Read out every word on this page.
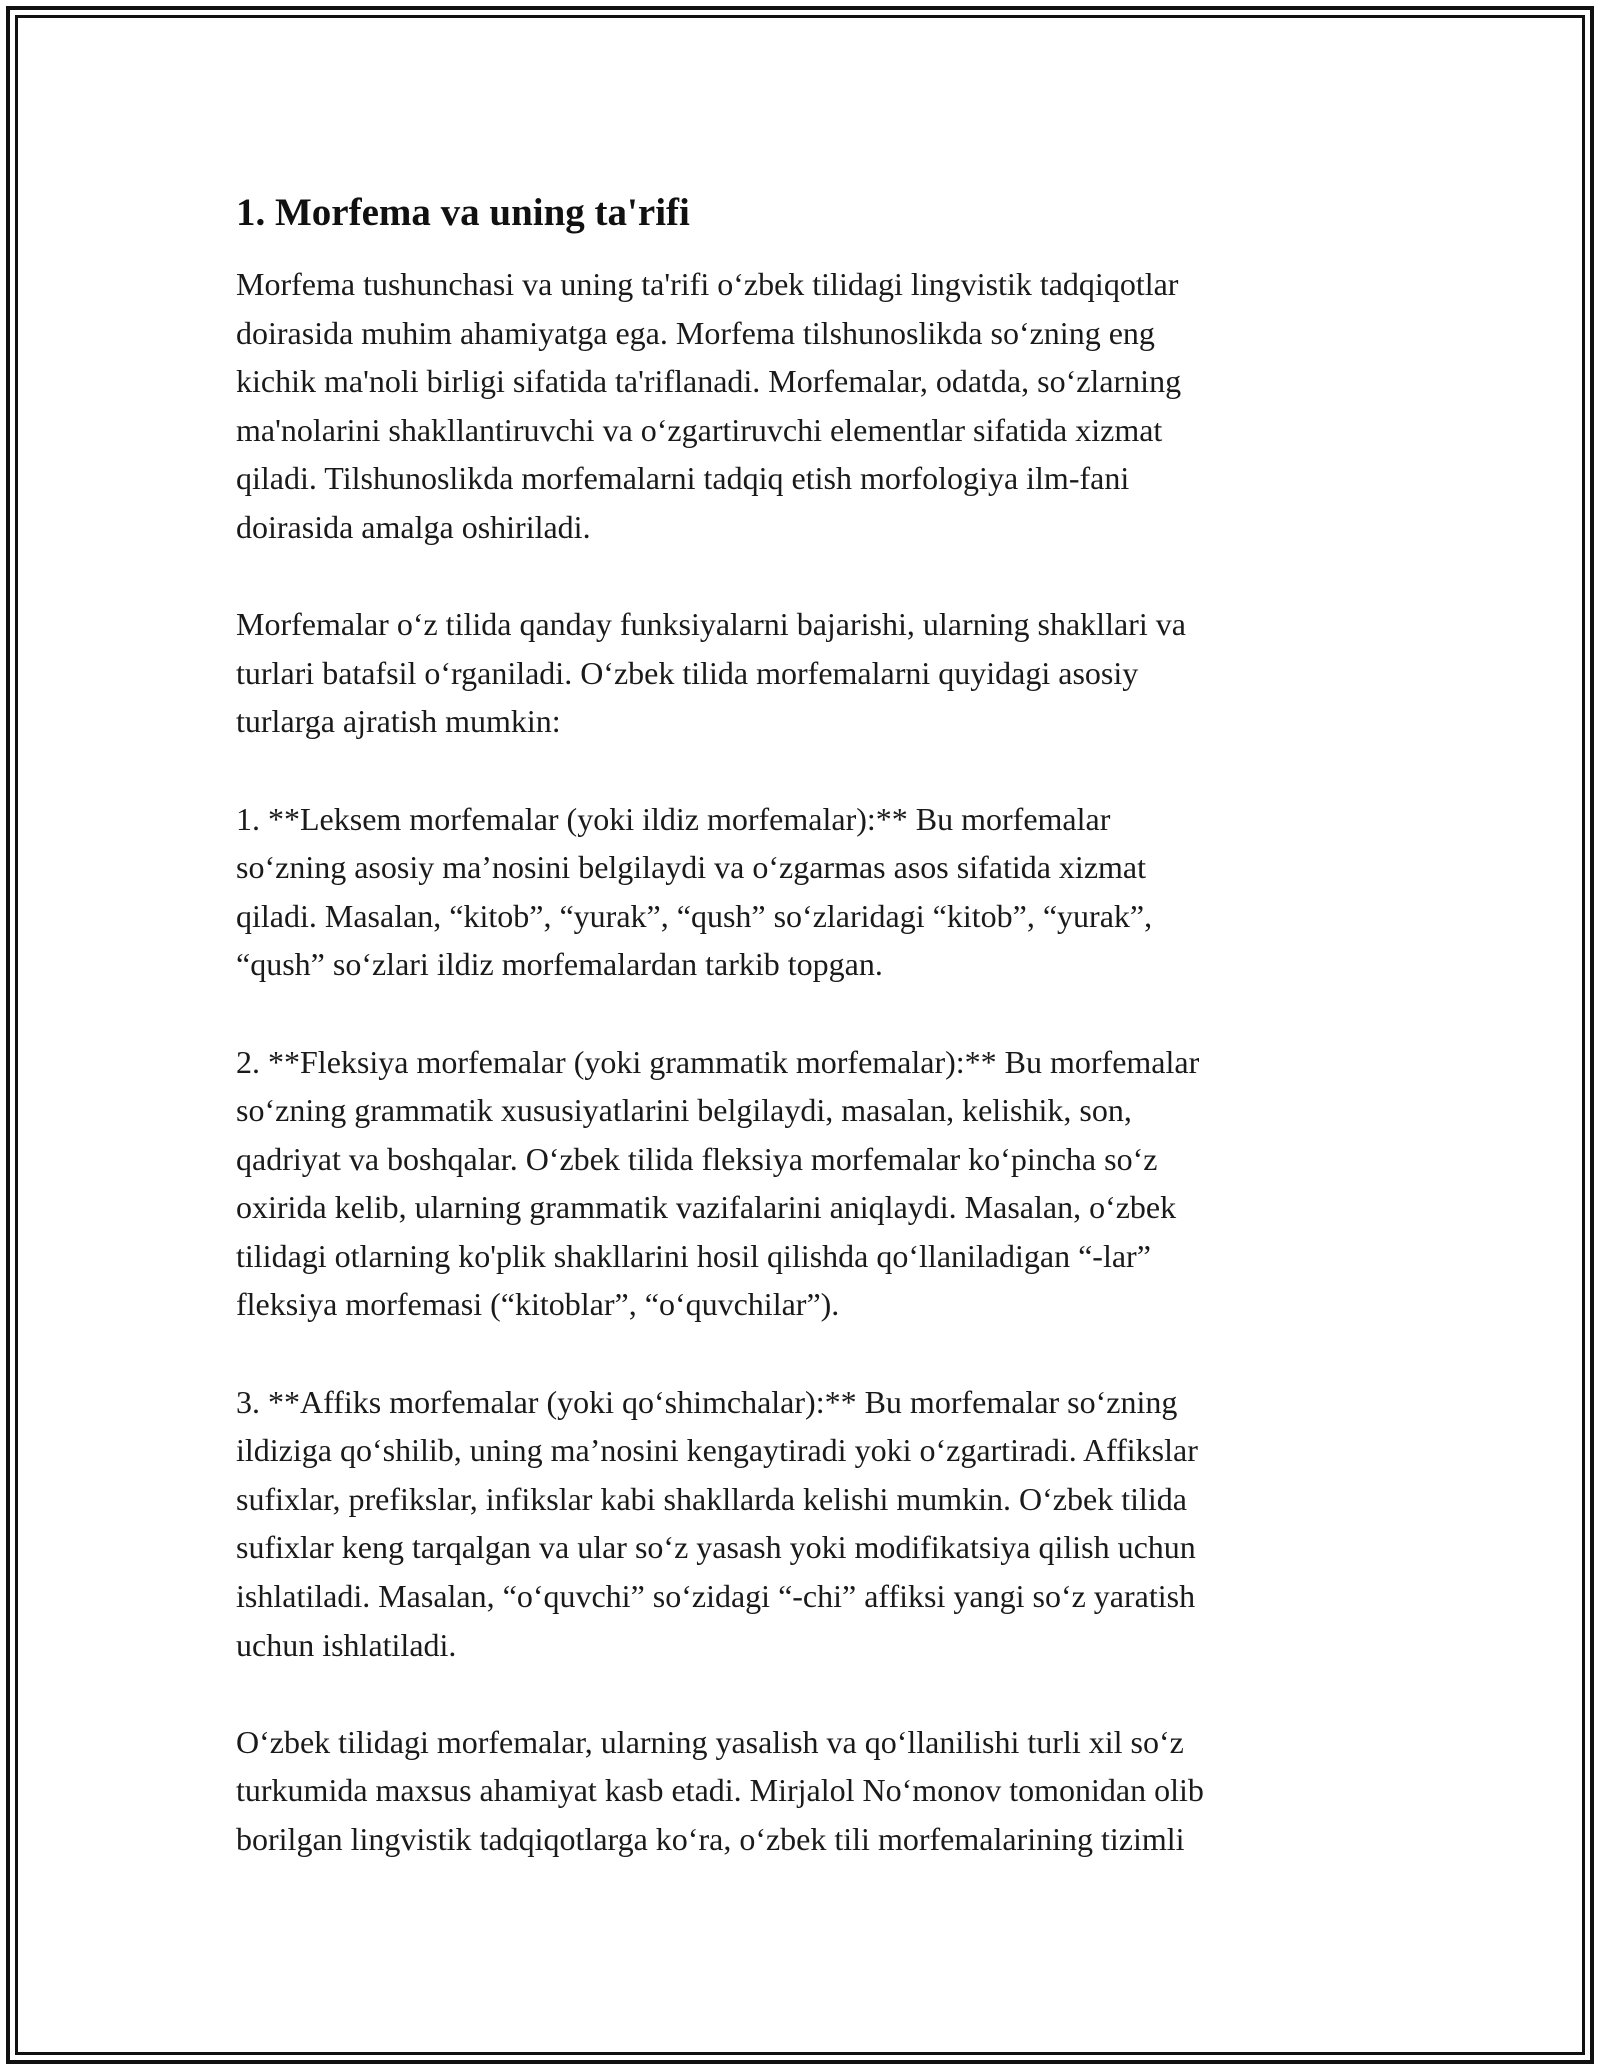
1. Morfema va uning ta'rifi
Morfema tushunchasi va uning ta'rifi o‘zbek tilidagi lingvistik tadqiqotlar
doirasida muhim ahamiyatga ega. Morfema tilshunoslikda so‘zning eng
kichik ma'noli birligi sifatida ta'riflanadi. Morfemalar, odatda, so‘zlarning
ma'nolarini shakllantiruvchi va o‘zgartiruvchi elementlar sifatida xizmat
qiladi. Tilshunoslikda morfemalarni tadqiq etish morfologiya ilm-fani
doirasida amalga oshiriladi.
Morfemalar o‘z tilida qanday funksiyalarni bajarishi, ularning shakllari va
turlari batafsil o‘rganiladi. O‘zbek tilida morfemalarni quyidagi asosiy
turlarga ajratish mumkin:
1. **Leksem morfemalar (yoki ildiz morfemalar):** Bu morfemalar
so‘zning asosiy ma’nosini belgilaydi va o‘zgarmas asos sifatida xizmat
qiladi. Masalan, “kitob”, “yurak”, “qush” so‘zlaridagi “kitob”, “yurak”,
“qush” so‘zlari ildiz morfemalardan tarkib topgan.
2. **Fleksiya morfemalar (yoki grammatik morfemalar):** Bu morfemalar
so‘zning grammatik xususiyatlarini belgilaydi, masalan, kelishik, son,
qadriyat va boshqalar. O‘zbek tilida fleksiya morfemalar ko‘pincha so‘z
oxirida kelib, ularning grammatik vazifalarini aniqlaydi. Masalan, o‘zbek
tilidagi otlarning ko'plik shakllarini hosil qilishda qo‘llaniladigan “-lar”
fleksiya morfemasi (“kitoblar”, “o‘quvchilar”).
3. **Affiks morfemalar (yoki qo‘shimchalar):** Bu morfemalar so‘zning
ildiziga qo‘shilib, uning ma’nosini kengaytiradi yoki o‘zgartiradi. Affikslar
sufixlar, prefikslar, infikslar kabi shakllarda kelishi mumkin. O‘zbek tilida
sufixlar keng tarqalgan va ular so‘z yasash yoki modifikatsiya qilish uchun
ishlatiladi. Masalan, “o‘quvchi” so‘zidagi “-chi” affiksi yangi so‘z yaratish
uchun ishlatiladi.
O‘zbek tilidagi morfemalar, ularning yasalish va qo‘llanilishi turli xil so‘z
turkumida maxsus ahamiyat kasb etadi. Mirjalol No‘monov tomonidan olib
borilgan lingvistik tadqiqotlarga ko‘ra, o‘zbek tili morfemalarining tizimli
